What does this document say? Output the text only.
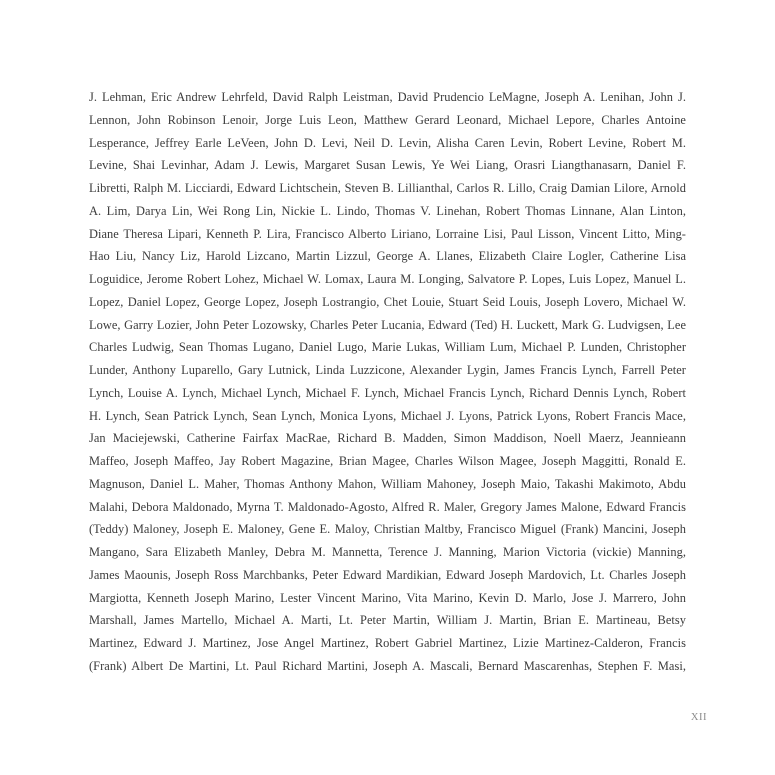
J. Lehman, Eric Andrew Lehrfeld, David Ralph Leistman, David Prudencio LeMagne, Joseph A. Lenihan, John J.
Lennon, John Robinson Lenoir, Jorge Luis Leon, Matthew Gerard Leonard, Michael Lepore, Charles Antoine
Lesperance, Jeffrey Earle LeVeen, John D. Levi, Neil D. Levin, Alisha Caren Levin, Robert Levine, Robert M.
Levine, Shai Levinhar, Adam J. Lewis, Margaret Susan Lewis, Ye Wei Liang, Orasri Liangthanasarn, Daniel F.
Libretti, Ralph M. Licciardi, Edward Lichtschein, Steven B. Lillianthal, Carlos R. Lillo, Craig Damian Lilore, Arnold
A. Lim, Darya Lin, Wei Rong Lin, Nickie L. Lindo, Thomas V. Linehan, Robert Thomas Linnane, Alan Linton,
Diane Theresa Lipari, Kenneth P. Lira, Francisco Alberto Liriano, Lorraine Lisi, Paul Lisson, Vincent Litto, Ming-
Hao Liu, Nancy Liz, Harold Lizcano, Martin Lizzul, George A. Llanes, Elizabeth Claire Logler, Catherine Lisa
Loguidice, Jerome Robert Lohez, Michael W. Lomax, Laura M. Longing, Salvatore P. Lopes, Luis Lopez, Manuel L.
Lopez, Daniel Lopez, George Lopez, Joseph Lostrangio, Chet Louie, Stuart Seid Louis, Joseph Lovero, Michael W.
Lowe, Garry Lozier, John Peter Lozowsky, Charles Peter Lucania, Edward (Ted) H. Luckett, Mark G. Ludvigsen, Lee
Charles Ludwig, Sean Thomas Lugano, Daniel Lugo, Marie Lukas, William Lum, Michael P. Lunden, Christopher
Lunder, Anthony Luparello, Gary Lutnick, Linda Luzzicone, Alexander Lygin, James Francis Lynch, Farrell Peter
Lynch, Louise A. Lynch, Michael Lynch, Michael F. Lynch, Michael Francis Lynch, Richard Dennis Lynch, Robert
H. Lynch, Sean Patrick Lynch, Sean Lynch, Monica Lyons, Michael J. Lyons, Patrick Lyons, Robert Francis Mace,
Jan Maciejewski, Catherine Fairfax MacRae, Richard B. Madden, Simon Maddison, Noell Maerz, Jeannieann
Maffeo, Joseph Maffeo, Jay Robert Magazine, Brian Magee, Charles Wilson Magee, Joseph Maggitti, Ronald E.
Magnuson, Daniel L. Maher, Thomas Anthony Mahon, William Mahoney, Joseph Maio, Takashi Makimoto, Abdu
Malahi, Debora Maldonado, Myrna T. Maldonado-Agosto, Alfred R. Maler, Gregory James Malone, Edward Francis
(Teddy) Maloney, Joseph E. Maloney, Gene E. Maloy, Christian Maltby, Francisco Miguel (Frank) Mancini, Joseph
Mangano, Sara Elizabeth Manley, Debra M. Mannetta, Terence J. Manning, Marion Victoria (vickie) Manning,
James Maounis, Joseph Ross Marchbanks, Peter Edward Mardikian, Edward Joseph Mardovich, Lt. Charles Joseph
Margiotta, Kenneth Joseph Marino, Lester Vincent Marino, Vita Marino, Kevin D. Marlo, Jose J. Marrero, John
Marshall, James Martello, Michael A. Marti, Lt. Peter Martin, William J. Martin, Brian E. Martineau, Betsy
Martinez, Edward J. Martinez, Jose Angel Martinez, Robert Gabriel Martinez, Lizie Martinez-Calderon, Francis
(Frank) Albert De Martini, Lt. Paul Richard Martini, Joseph A. Mascali, Bernard Mascarenhas, Stephen F. Masi,
XII
